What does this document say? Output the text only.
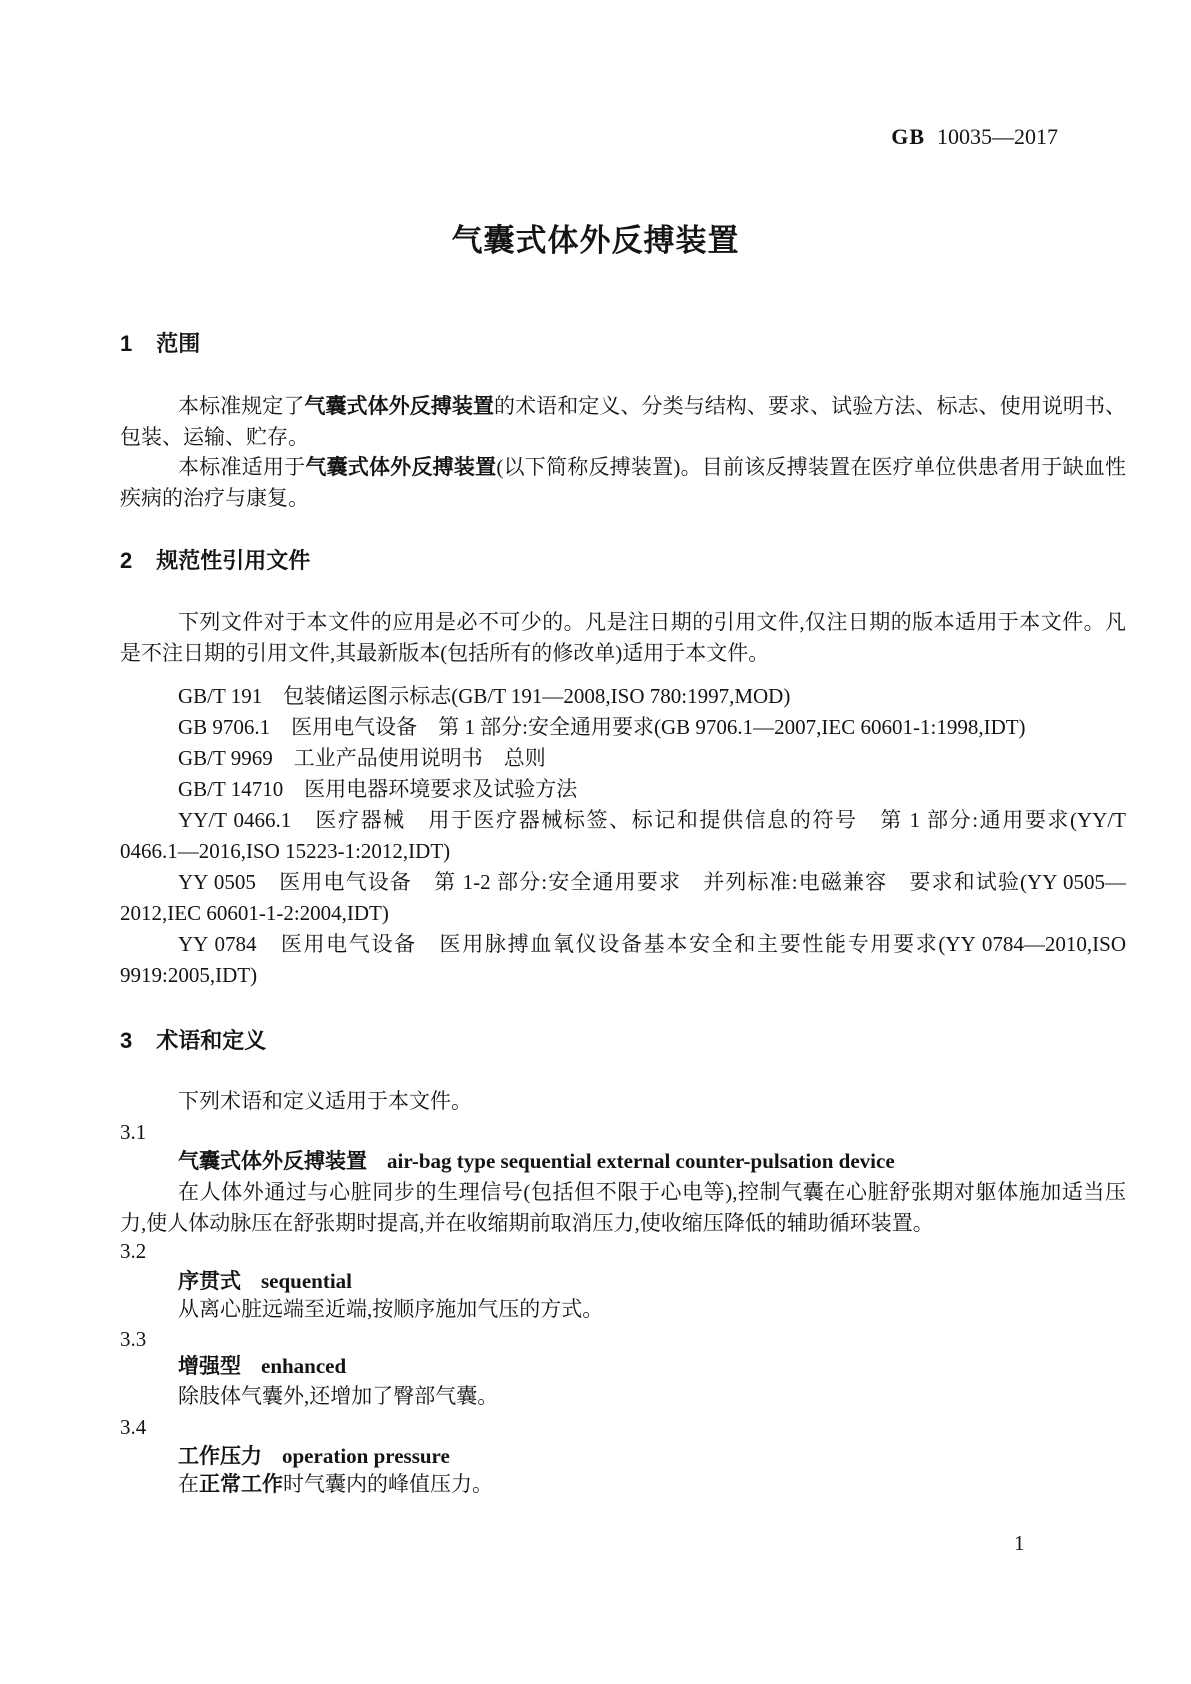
GB 10035—2017
气囊式体外反搏装置
1 范围

本标准规定了气囊式体外反搏装置的术语和定义、分类与结构、要求、试验方法、标志、使用说明书、包装、运输、贮存。

本标准适用于气囊式体外反搏装置(以下简称反搏装置)。目前该反搏装置在医疗单位供患者用于缺血性疾病的治疗与康复。

2 规范性引用文件

下列文件对于本文件的应用是必不可少的。凡是注日期的引用文件,仅注日期的版本适用于本文件。凡是不注日期的引用文件,其最新版本(包括所有的修改单)适用于本文件。

GB/T 191　包装储运图示标志(GB/T 191—2008,ISO 780:1997,MOD)

GB 9706.1　医用电气设备　第 1 部分:安全通用要求(GB 9706.1—2007,IEC 60601-1:1998,IDT)

GB/T 9969　工业产品使用说明书　总则

GB/T 14710　医用电器环境要求及试验方法

YY/T 0466.1　医疗器械　用于医疗器械标签、标记和提供信息的符号　第 1 部分:通用要求(YY/T 0466.1—2016,ISO 15223-1:2012,IDT)

YY 0505　医用电气设备　第 1-2 部分:安全通用要求　并列标准:电磁兼容　要求和试验(YY 0505—2012,IEC 60601-1-2:2004,IDT)

YY 0784　医用电气设备　医用脉搏血氧仪设备基本安全和主要性能专用要求(YY 0784—2010,ISO 9919:2005,IDT)

3 术语和定义

下列术语和定义适用于本文件。

3.1

气囊式体外反搏装置 air-bag type sequential external counter-pulsation device

在人体外通过与心脏同步的生理信号(包括但不限于心电等),控制气囊在心脏舒张期对躯体施加适当压力,使人体动脉压在舒张期时提高,并在收缩期前取消压力,使收缩压降低的辅助循环装置。

3.2

序贯式 sequential

从离心脏远端至近端,按顺序施加气压的方式。

3.3

增强型 enhanced

除肢体气囊外,还增加了臀部气囊。

3.4

工作压力 operation pressure

在正常工作时气囊内的峰值压力。

1
